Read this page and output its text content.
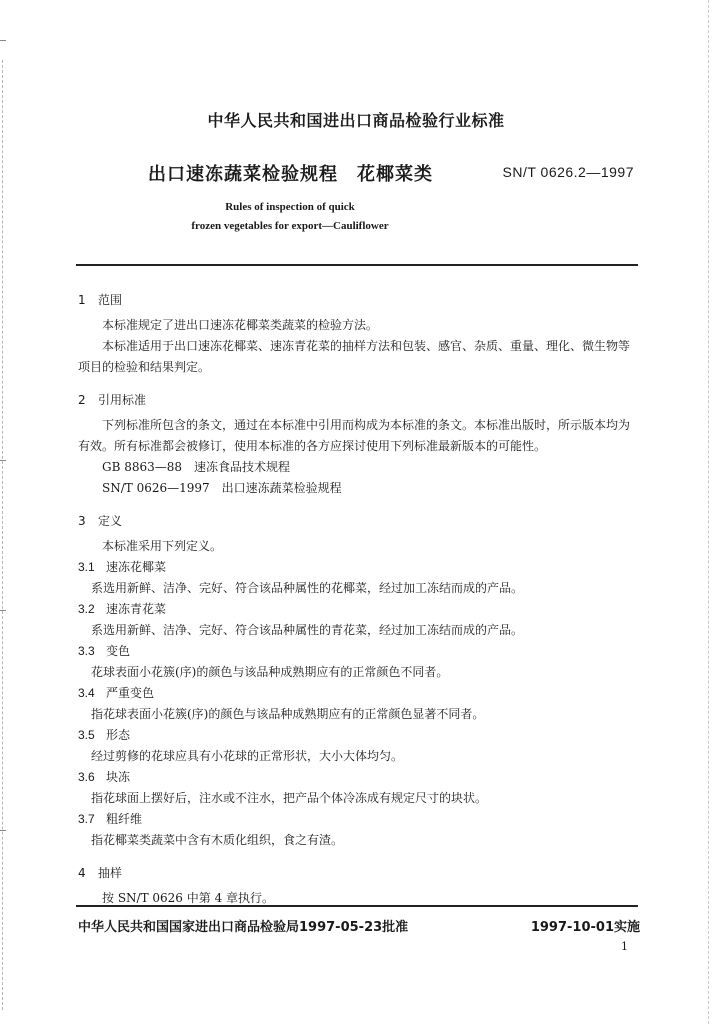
中华人民共和国进出口商品检验行业标准
出口速冻蔬菜检验规程　花椰菜类	SN/T 0626.2—1997
Rules of inspection of quick
frozen vegetables for export—Cauliflower

1 范围

本标准规定了进出口速冻花椰菜类蔬菜的检验方法。

本标准适用于出口速冻花椰菜、速冻青花菜的抽样方法和包装、感官、杂质、重量、理化、微生物等项目的检验和结果判定。

2 引用标准

下列标准所包含的条文，通过在本标准中引用而构成为本标准的条文。本标准出版时，所示版本均为有效。所有标准都会被修订，使用本标准的各方应探讨使用下列标准最新版本的可能性。

GB 8863—88　速冻食品技术规程

SN/T 0626—1997　出口速冻蔬菜检验规程

3 定义

本标准采用下列定义。

3.1 速冻花椰菜

系选用新鲜、洁净、完好、符合该品种属性的花椰菜，经过加工冻结而成的产品。

3.2 速冻青花菜

系选用新鲜、洁净、完好、符合该品种属性的青花菜，经过加工冻结而成的产品。

3.3 变色

花球表面小花簇(序)的颜色与该品种成熟期应有的正常颜色不同者。

3.4 严重变色

指花球表面小花簇(序)的颜色与该品种成熟期应有的正常颜色显著不同者。

3.5 形态

经过剪修的花球应具有小花球的正常形状，大小大体均匀。

3.6 块冻

指花球面上摆好后，注水或不注水，把产品个体冷冻成有规定尺寸的块状。

3.7 粗纤维

指花椰菜类蔬菜中含有木质化组织，食之有渣。

4 抽样

按 SN/T 0626 中第 4 章执行。

中华人民共和国国家进出口商品检验局1997-05-23批准	1997-10-01实施
1
